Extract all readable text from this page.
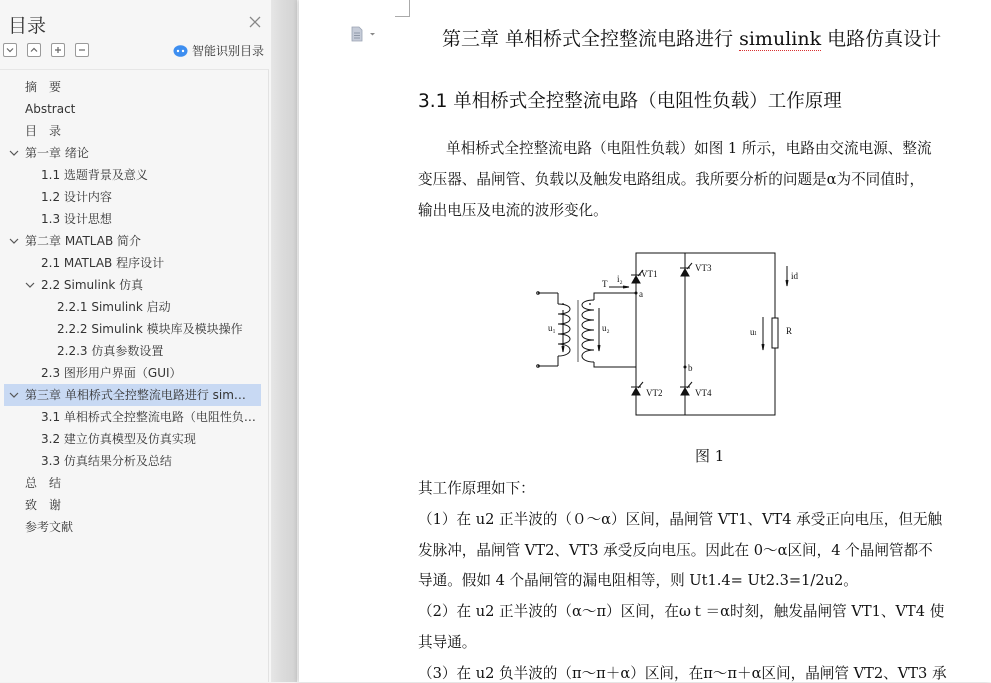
目录
智能识别目录
摘　要
Abstract
目　录
第一章 绪论
1.1 选题背景及意义
1.2 设计内容
1.3 设计思想
第二章 MATLAB 简介
2.1 MATLAB 程序设计
2.2 Simulink 仿真
2.2.1 Simulink 启动
2.2.2 Simulink 模块库及模块操作
2.2.3 仿真参数设置
2.3 图形用户界面（GUI）
第三章 单相桥式全控整流电路进行 sim…
3.1 单相桥式全控整流电路（电阻性负…
3.2 建立仿真模型及仿真实现
3.3 仿真结果分析及总结
总　结
致　谢
参考文献
第三章 单相桥式全控整流电路进行 simulink 电路仿真设计
3.1 单相桥式全控整流电路（电阻性负载）工作原理
单相桥式全控整流电路（电阻性负载）如图 1 所示，电路由交流电源、整流
变压器、晶闸管、负载以及触发电路组成。我所要分析的问题是α为不同值时，
输出电压及电流的波形变化。
T i₂
a
b
VT1
VT3
VT2	VT4
id
u₁	u₂	uₗ	R
图 1
其工作原理如下：
（1）在 u2 正半波的（０～α）区间，晶闸管 VT1、VT4 承受正向电压，但无触
发脉冲，晶闸管 VT2、VT3 承受反向电压。因此在 0～α区间，4 个晶闸管都不
导通。假如 4 个晶闸管的漏电阻相等，则 Ut1.4= Ut2.3=1/2u2。
（2）在 u2 正半波的（α～π）区间，在ωｔ＝α时刻，触发晶闸管 VT1、VT4 使
其导通。
（3）在 u2 负半波的（π～π＋α）区间，在π～π＋α区间，晶闸管 VT2、VT3 承
